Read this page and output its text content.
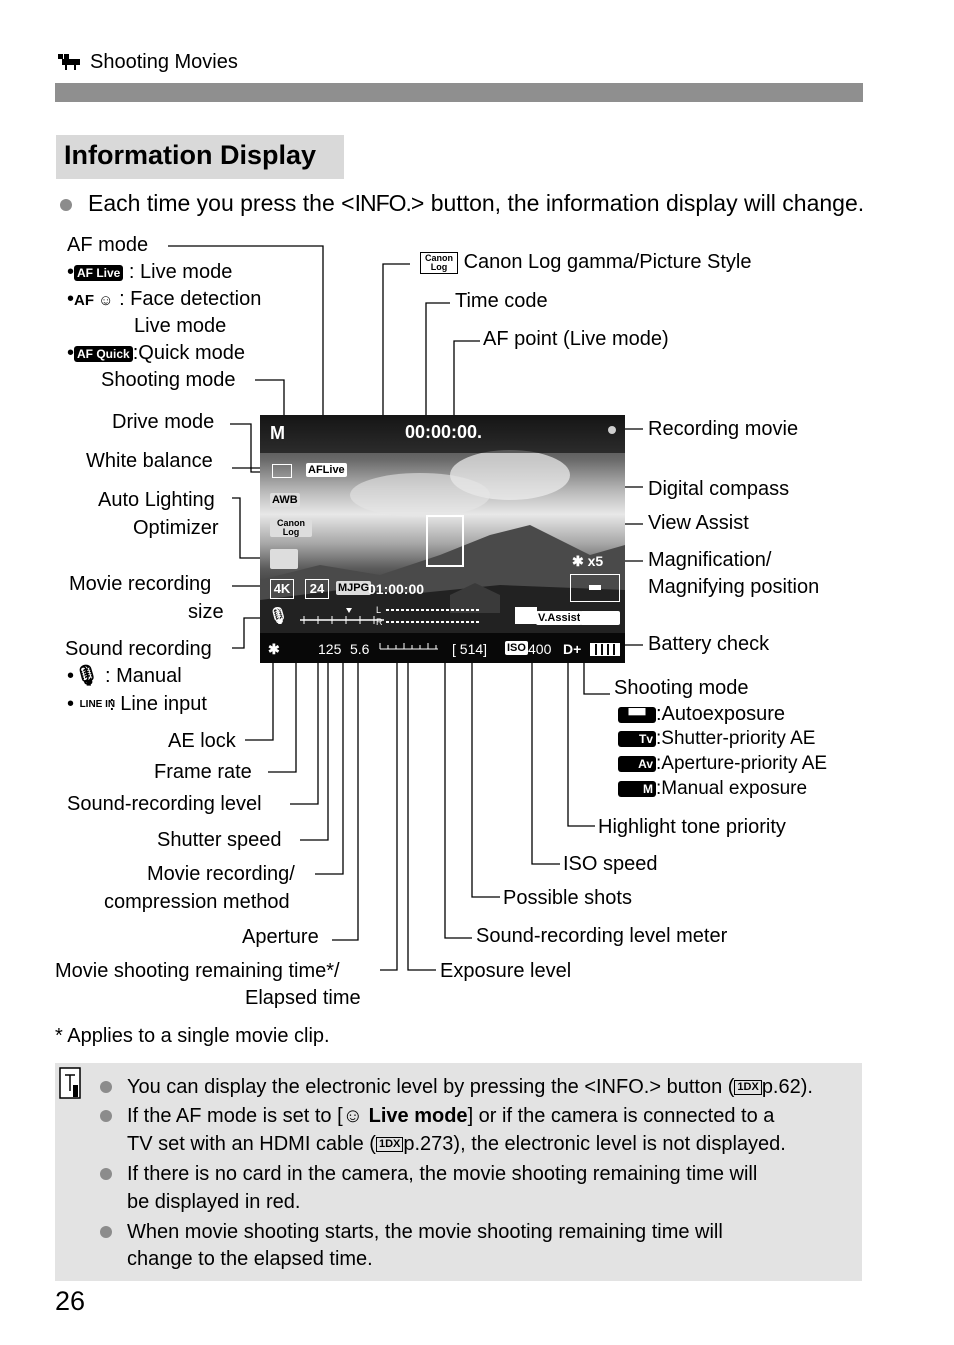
Shooting Movies
Information Display
Each time you press the <INFO.> button, the information display will change.
AF mode
• AF Live : Live mode
•AF ☺ : Face detection
Live mode
• AF Quick :Quick mode
Shooting mode
Drive mode
White balance
Auto Lighting
Optimizer
Movie recording
size
Sound recording
•🎙 : Manual
• LINE IN : Line input
AE lock
Frame rate
Sound-recording level
Shutter speed
Movie recording/
compression method
Aperture
Movie shooting remaining time*/
Elapsed time
Canon Log Canon Log gamma/Picture Style
Time code
AF point (Live mode)
Recording movie
Digital compass
View Assist
Magnification/
Magnifying position
Battery check
Shooting mode
▀▀ :Autoexposure
Tv :Shutter-priority AE
Av :Aperture-priority AE
M :Manual exposure
Highlight tone priority
ISO speed
Possible shots
Sound-recording level meter
Exposure level
M	00:00:00.
AFLive
AWB
Canon Log
✱ x5
4K	24	MJPG
01:00:00
🎙	L
R	V.Assist
✱	125 5.6	[ 514] ISO 400 D+
* Applies to a single movie clip.
You can display the electronic level by pressing the <INFO.> button ( 1DX p.62).
If the AF mode is set to [☺ Live mode] or if the camera is connected to a
TV set with an HDMI cable ( 1DX p.273), the electronic level is not displayed.
If there is no card in the camera, the movie shooting remaining time will
be displayed in red.
When movie shooting starts, the movie shooting remaining time will
change to the elapsed time.
26
